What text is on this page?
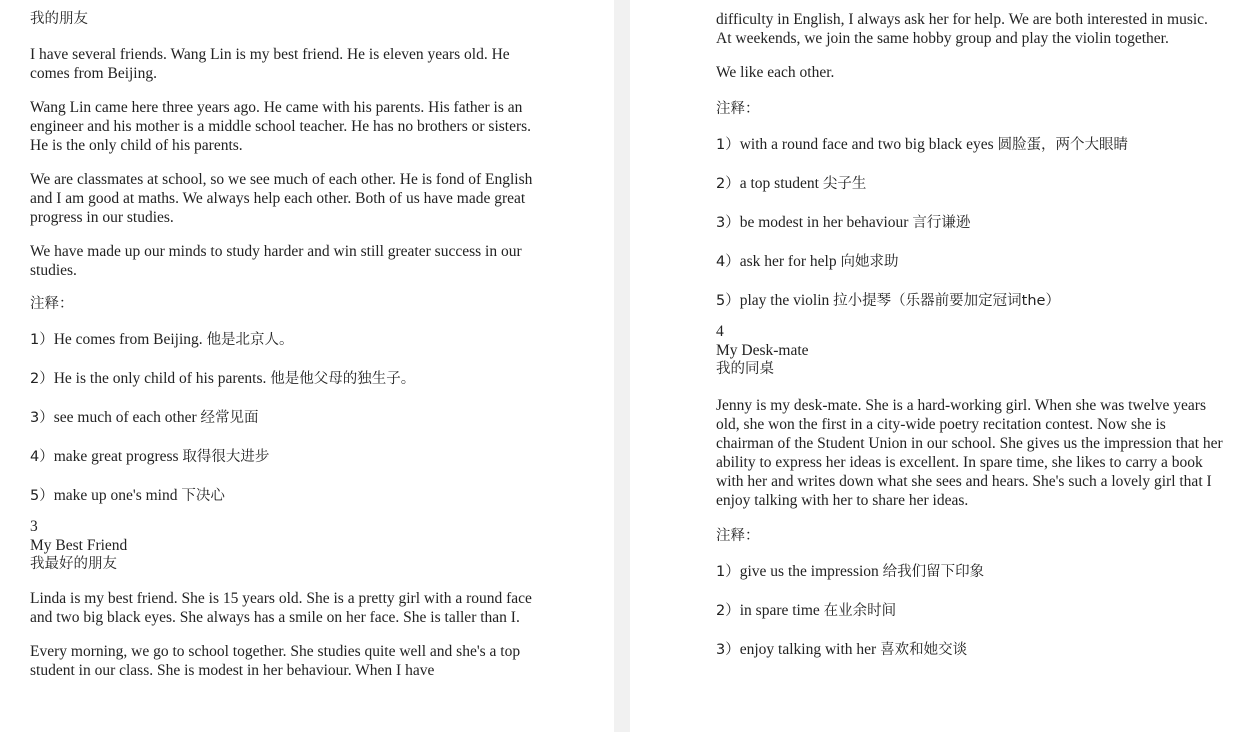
我的朋友

I have several friends. Wang Lin is my best friend. He is eleven years old. He comes from Beijing.

Wang Lin came here three years ago. He came with his parents. His father is an engineer and his mother is a middle school teacher. He has no brothers or sisters. He is the only child of his parents.

We are classmates at school, so we see much of each other. He is fond of English and I am good at maths. We always help each other. Both of us have made great progress in our studies.

We have made up our minds to study harder and win still greater success in our studies.

注释：
1）He comes from Beijing. 他是北京人。
2）He is the only child of his parents. 他是他父母的独生子。
3）see much of each other 经常见面
4）make great progress 取得很大进步
5）make up one's mind 下决心
3
My Best Friend
我最好的朋友

Linda is my best friend. She is 15 years old. She is a pretty girl with a round face and two big black eyes. She always has a smile on her face. She is taller than I.

Every morning, we go to school together. She studies quite well and she's a top student in our class. She is modest in her behaviour. When I have

difficulty in English, I always ask her for help. We are both interested in music. At weekends, we join the same hobby group and play the violin together.

We like each other.

注释：
1）with a round face and two big black eyes 圆脸蛋，两个大眼睛
2）a top student 尖子生
3）be modest in her behaviour 言行谦逊
4）ask her for help 向她求助
5）play the violin 拉小提琴（乐器前要加定冠词the）
4
My Desk-mate
我的同桌

Jenny is my desk-mate. She is a hard-working girl. When she was twelve years old, she won the first in a city-wide poetry recitation contest. Now she is chairman of the Student Union in our school. She gives us the impression that her ability to express her ideas is excellent. In spare time, she likes to carry a book with her and writes down what she sees and hears. She's such a lovely girl that I enjoy talking with her to share her ideas.

注释：
1）give us the impression 给我们留下印象
2）in spare time 在业余时间
3）enjoy talking with her 喜欢和她交谈
